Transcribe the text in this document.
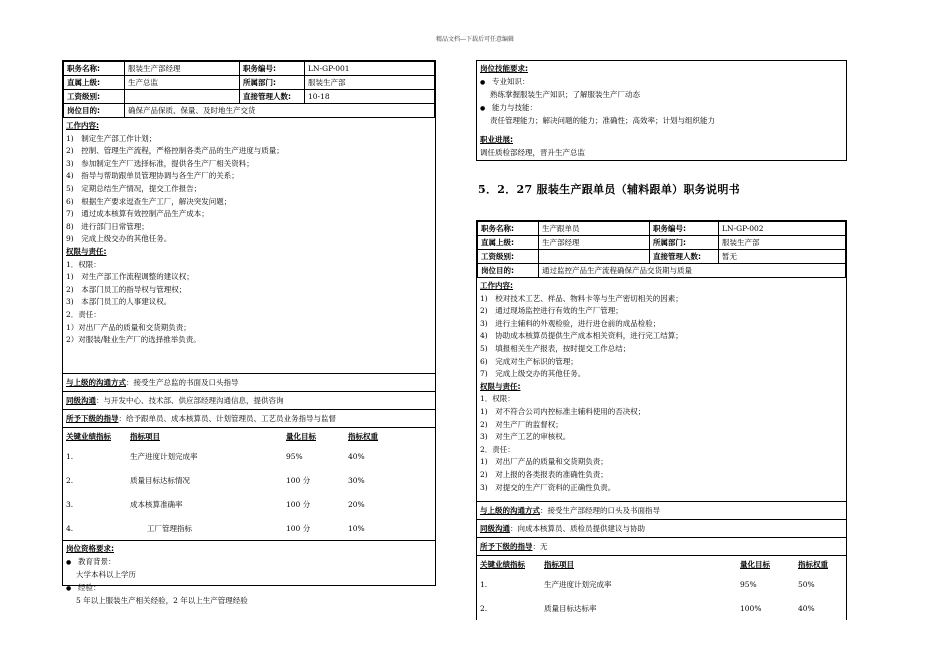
精品文档---下载后可任意编辑
职务名称:	服装生产部经理	职务编号:	LN-GP-001
直属上级:	生产总监	所属部门:	服装生产部
工资级别:		直接管理人数:	10-18
岗位目的:	确保产品保质、保量、及时地生产交货		
工作内容:
1)　制定生产部工作计划；
2)　控制、管理生产流程，严格控制各类产品的生产进度与质量；
3)　参加制定生产厂选择标准，提供各生产厂相关资料；
4)　指导与帮助跟单员管理协调与各生产厂的关系；
5)　定期总结生产情况，提交工作报告；
6)　根据生产要求逗查生产工厂，解决突发问题；
7)　通过成本核算有效控制产品生产成本；
8)　进行部门日常管理；
9)　完成上级交办的其他任务。
权限与责任:
1．权限：
1)　对生产部工作流程调整的建议权；
2)　本部门员工的指导权与管理权；
3)　本部门员工的人事建议权。
2．责任：
1）对出厂产品的质量和交货期负责；
2）对服装/鞋业生产厂的选择推举负责。
与上级的沟通方式：接受生产总监的书面及口头指导
同级沟通：与开发中心、技术部、供应部经理沟通信息，提供咨询
所予下级的指导：给予跟单员、成本核算员、计划管理员、工艺员业务指导与监督
关键业绩指标	指标项目	量化目标	指标权重
1.	生产进度计划完成率	95%	40%
2.	质量目标达标情况	100 分	30%
3.	成本核算准确率	100 分	20%
4.	工厂管理指标	100 分	10%
岗位资格要求:
● 教育背景：
大学本科以上学历
● 经验：
5 年以上服装生产相关经验，2 年以上生产管理经验
岗位技能要求:
● 专业知识：
熟练掌握服装生产知识；了解服装生产厂动态
● 能力与技能：
责任管理能力；解决问题的能力；准确性；高效率；计划与组织能力
职业进展:
调任质检部经理，晋升生产总监
5．2．27 服装生产跟单员（辅料跟单）职务说明书
职务名称:	生产跟单员	职务编号:	LN-GP-002
直属上级:	生产部经理	所属部门:	服装生产部
工资级别:		直接管理人数:	暂无
岗位目的:	通过监控产品生产流程确保产品交货期与质量		
工作内容:
1)　校对技术工艺、样品、物料卡等与生产密切相关的因素；
2)　通过现场监控进行有效的生产厂管理；
3)　进行主辅料的外观检验，进行进仓前的成品检验；
4)　协助成本核算员提供生产成本相关资料，进行完工结算；
5)　填报相关生产报表，按时提交工作总结；
6)　完成对生产标识的管理；
7)　完成上级交办的其他任务。
权限与责任:
1．权限：
1)　对不符合公司内控标准主辅料使用的否决权；
2)　对生产厂的监督权；
3)　对生产工艺的审核权。
2．责任：
1)　对出厂产品的质量和交货期负责；
2)　对上报的各类报表的准确性负责；
3)　对提交的生产厂资料的正确性负责。
与上级的沟通方式：接受生产部经理的口头及书面指导
同级沟通：向成本核算员、质检员提供建议与协助
所予下级的指导：无
关键业绩指标	指标项目	量化目标	指标权重
1.	生产进度计划完成率	95%	50%
2.	质量目标达标率	100%	40%
